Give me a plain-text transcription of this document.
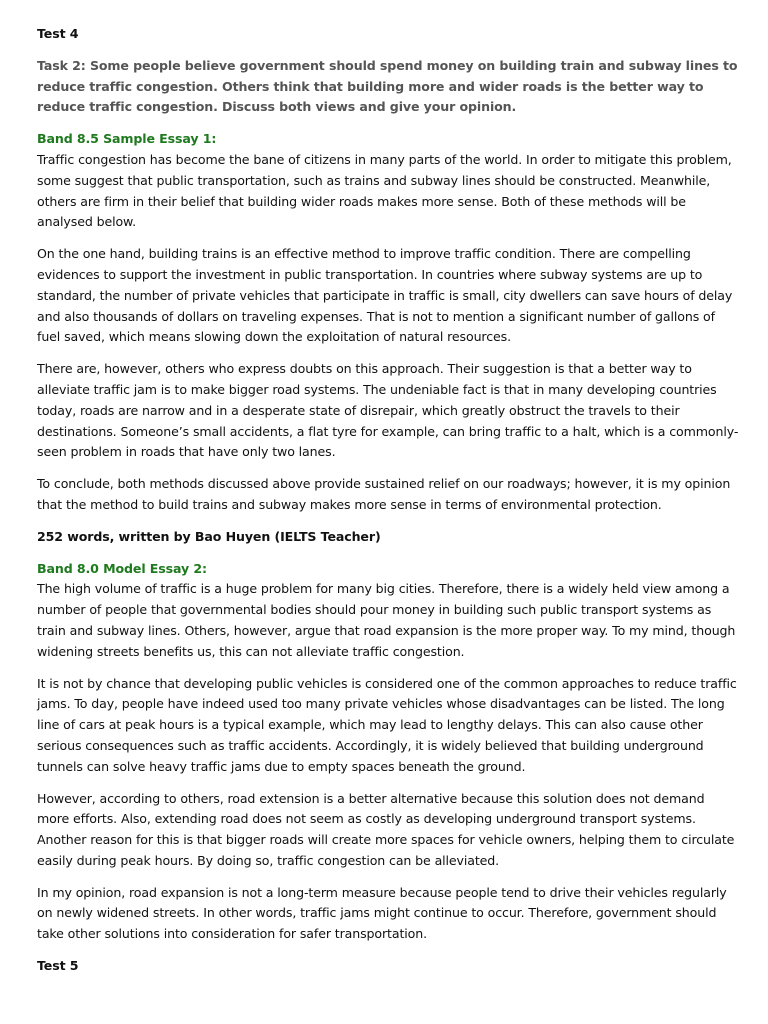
Test 4

Task 2: Some people believe government should spend money on building train and subway lines to reduce traffic congestion. Others think that building more and wider roads is the better way to reduce traffic congestion. Discuss both views and give your opinion.

Band 8.5 Sample Essay 1:

Traffic congestion has become the bane of citizens in many parts of the world. In order to mitigate this problem, some suggest that public transportation, such as trains and subway lines should be constructed. Meanwhile, others are firm in their belief that building wider roads makes more sense. Both of these methods will be analysed below.

On the one hand, building trains is an effective method to improve traffic condition. There are compelling evidences to support the investment in public transportation. In countries where subway systems are up to standard, the number of private vehicles that participate in traffic is small, city dwellers can save hours of delay and also thousands of dollars on traveling expenses. That is not to mention a significant number of gallons of fuel saved, which means slowing down the exploitation of natural resources.

There are, however, others who express doubts on this approach. Their suggestion is that a better way to alleviate traffic jam is to make bigger road systems. The undeniable fact is that in many developing countries today, roads are narrow and in a desperate state of disrepair, which greatly obstruct the travels to their destinations. Someone’s small accidents, a flat tyre for example, can bring traffic to a halt, which is a commonly-seen problem in roads that have only two lanes.

To conclude, both methods discussed above provide sustained relief on our roadways; however, it is my opinion that the method to build trains and subway makes more sense in terms of environmental protection.

252 words, written by Bao Huyen (IELTS Teacher)

Band 8.0 Model Essay 2:

The high volume of traffic is a huge problem for many big cities. Therefore, there is a widely held view among a number of people that governmental bodies should pour money in building such public transport systems as train and subway lines. Others, however, argue that road expansion is the more proper way. To my mind, though widening streets benefits us, this can not alleviate traffic congestion.

It is not by chance that developing public vehicles is considered one of the common approaches to reduce traffic jams. To day, people have indeed used too many private vehicles whose disadvantages can be listed. The long line of cars at peak hours is a typical example, which may lead to lengthy delays. This can also cause other serious consequences such as traffic accidents. Accordingly, it is widely believed that building underground tunnels can solve heavy traffic jams due to empty spaces beneath the ground.

However, according to others, road extension is a better alternative because this solution does not demand more efforts. Also, extending road does not seem as costly as developing underground transport systems. Another reason for this is that bigger roads will create more spaces for vehicle owners, helping them to circulate easily during peak hours. By doing so, traffic congestion can be alleviated.

In my opinion, road expansion is not a long-term measure because people tend to drive their vehicles regularly on newly widened streets. In other words, traffic jams might continue to occur. Therefore, government should take other solutions into consideration for safer transportation.

Test 5
